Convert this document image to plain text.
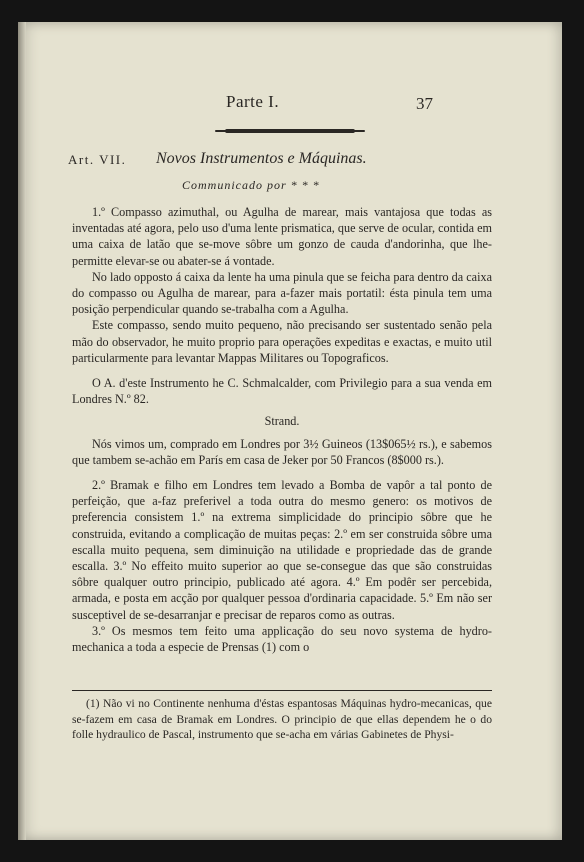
Parte I.	37
Art. VII. Novos Instrumentos e Máquinas.
Communicado por * * *

1.º Compasso azimuthal, ou Agulha de marear, mais vantajosa que todas as inventadas até agora, pelo uso d'uma lente prismatica, que serve de ocular, contida em uma caixa de latão que se-move sôbre um gonzo de cauda d'andorinha, que lhe-permitte elevar-se ou abater-se á vontade.

No lado opposto á caixa da lente ha uma pinula que se feicha para dentro da caixa do compasso ou Agulha de marear, para a-fazer mais portatil: ésta pinula tem uma posição perpendicular quando se-trabalha com a Agulha.

Este compasso, sendo muito pequeno, não precisando ser sustentado senão pela mão do observador, he muito proprio para operações expeditas e exactas, e muito util particularmente para levantar Mappas Militares ou Topograficos.

O A. d'este Instrumento he C. Schmalcalder, com Privilegio para a sua venda em Londres N.º 82.

Strand.

Nós vimos um, comprado em Londres por 3½ Guineos (13$065½ rs.), e sabemos que tambem se-achão em París em casa de Jeker por 50 Francos (8$000 rs.).

2.º Bramak e filho em Londres tem levado a Bomba de vapôr a tal ponto de perfeição, que a-faz preferivel a toda outra do mesmo genero: os motivos de preferencia consistem 1.º na extrema simplicidade do principio sôbre que he construida, evitando a complicação de muitas peças: 2.º em ser construida sôbre uma escalla muito pequena, sem diminuição na utilidade e propriedade das de grande escalla. 3.º No effeito muito superior ao que se-consegue das que são construidas sôbre qualquer outro principio, publicado até agora. 4.º Em podêr ser percebida, armada, e posta em acção por qualquer pessoa d'ordinaria capacidade. 5.º Em não ser susceptivel de se-desarranjar e precisar de reparos como as outras.

3.º Os mesmos tem feito uma applicação do seu novo systema de hydro-mechanica a toda a especie de Prensas (1) com o

(1) Não vi no Continente nenhuma d'éstas espantosas Máquinas hydro-mecanicas, que se-fazem em casa de Bramak em Londres. O principio de que ellas dependem he o do folle hydraulico de Pascal, instrumento que se-acha em várias Gabinetes de Physi-
